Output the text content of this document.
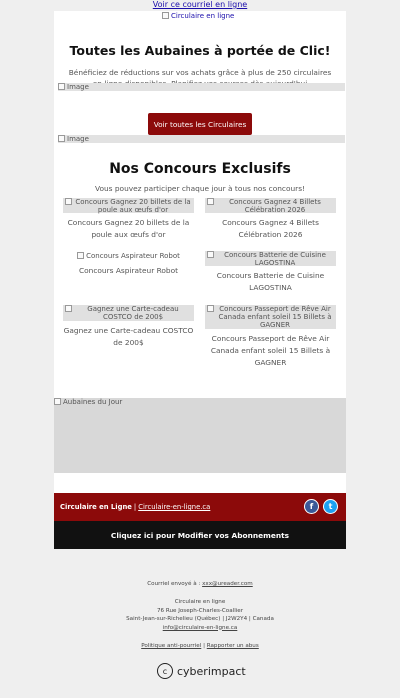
Voir ce courriel en ligne
Circulaire en ligne
Toutes les Aubaines à portée de Clic!

Bénéficiez de réductions sur vos achats grâce à plus de 250 circulaires

Image
Voir toutes les Circulaires
Image
Nos Concours Exclusifs

Vous pouvez participer chaque jour à tous nos concours!

Concours Gagnez 20 billets de la poule aux œufs d'or
Concours Gagnez 20 billets de la poule aux œufs d'or
Concours Gagnez 4 Billets Célébration 2026
Concours Gagnez 4 Billets Célébration 2026
Concours Aspirateur Robot
Concours Aspirateur Robot
Concours Batterie de Cuisine LAGOSTINA
Concours Batterie de Cuisine LAGOSTINA
Gagnez une Carte-cadeau COSTCO de 200$
Gagnez une Carte-cadeau COSTCO de 200$
Concours Passeport de Rêve Air Canada enfant soleil 15 Billets à GAGNER
Concours Passeport de Rêve Air Canada enfant soleil 15 Billets à GAGNER
Aubaines du Jour
Circulaire en Ligne | Circulaire-en-ligne.ca	f	t
Cliquez ici pour Modifier vos Abonnements
Courriel envoyé à : xxx@ureader.com
Circulaire en ligne
76 Rue Joseph-Charles-Coallier
Saint-Jean-sur-Richelieu (Québec) | J2W2Y4 | Canada
info@circulaire-en-ligne.ca
Politique anti-pourriel | Rapporter un abus
c cyberimpact
